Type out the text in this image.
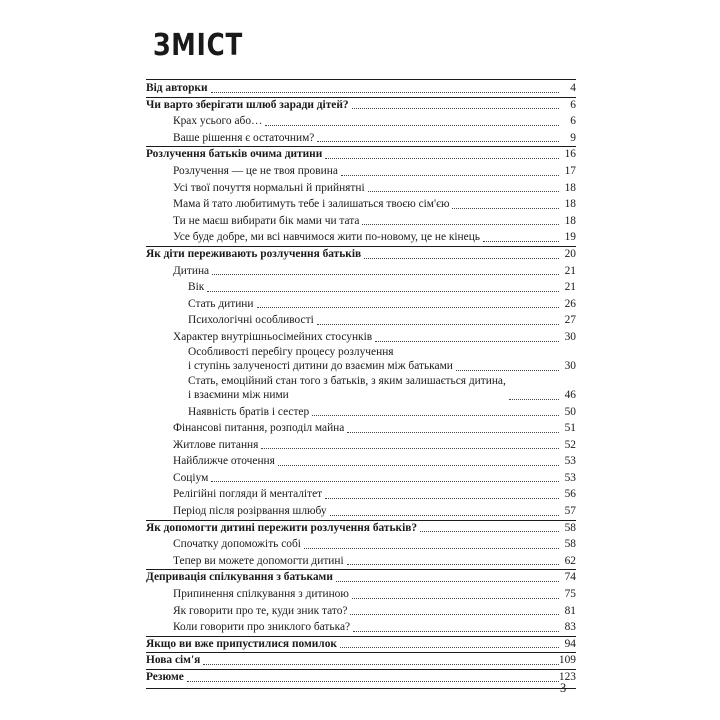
ЗМІСТ
Від авторки	4
Чи варто зберігати шлюб заради дітей?	6
Крах усього або…	6
Ваше рішення є остаточним?	9
Розлучення батьків очима дитини	16
Розлучення — це не твоя провина	17
Усі твої почуття нормальні й прийнятні	18
Мама й тато любитимуть тебе і залишаться твоєю сім'єю	18
Ти не маєш вибирати бік мами чи тата	18
Усе буде добре, ми всі навчимося жити по-новому, це не кінець	19
Як діти переживають розлучення батьків	20
Дитина	21
Вік	21
Стать дитини	26
Психологічні особливості	27
Характер внутрішньосімейних стосунків	30
Особливості перебігу процесу розлучення
і ступінь залученості дитини до взаємин між батьками	30
Стать, емоційний стан того з батьків, з яким залишається дитина,
і взаємини між ними	46
Наявність братів і сестер	50
Фінансові питання, розподіл майна	51
Житлове питання	52
Найближче оточення	53
Соціум	53
Релігійні погляди й менталітет	56
Період після розірвання шлюбу	57
Як допомогти дитині пережити розлучення батьків?	58
Спочатку допоможіть собі	58
Тепер ви можете допомогти дитині	62
Депривація спілкування з батьками	74
Припинення спілкування з дитиною	75
Як говорити про те, куди зник тато?	81
Коли говорити про зниклого батька?	83
Якщо ви вже припустилися помилок	94
Нова сім'я	109
Резюме	123
3
